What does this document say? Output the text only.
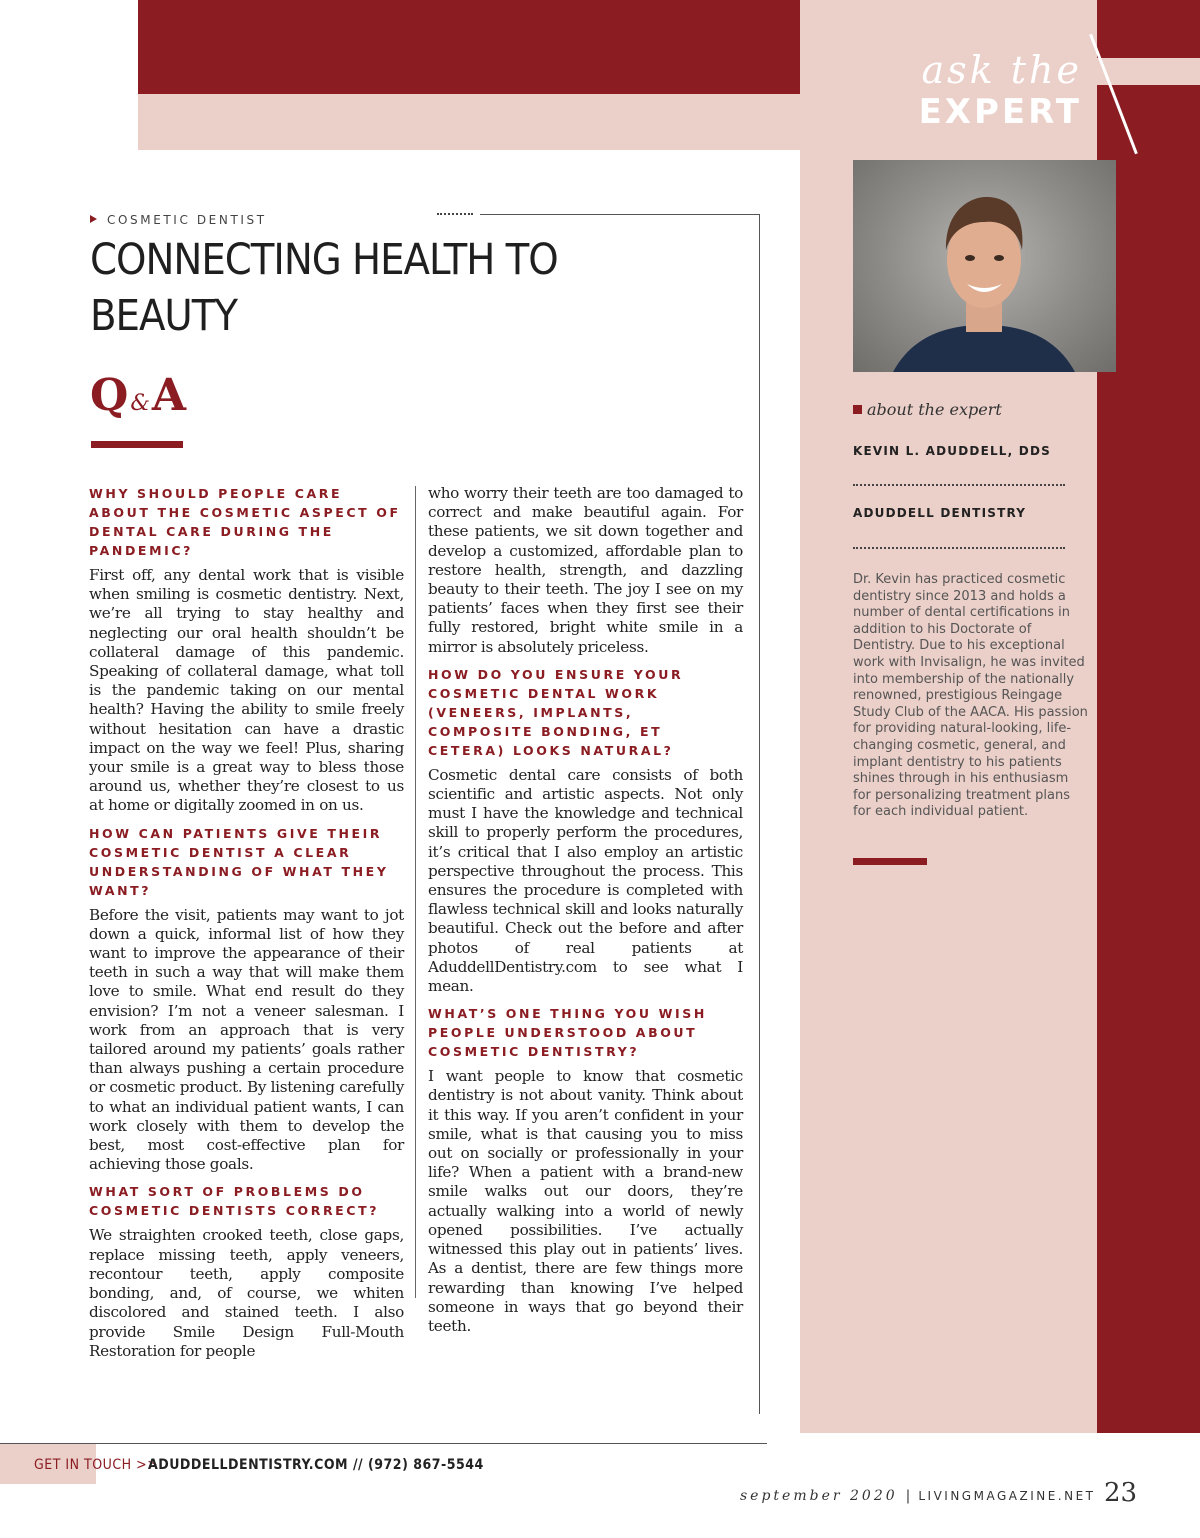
ask the
EXPERT
COSMETIC DENTIST
CONNECTING HEALTH TO BEAUTY
Q&A
WHY SHOULD PEOPLE CARE ABOUT THE COSMETIC ASPECT OF DENTAL CARE DURING THE PANDEMIC?
First off, any dental work that is visible when smiling is cosmetic dentistry. Next, we’re all trying to stay healthy and neglecting our oral health shouldn’t be collateral damage of this pandemic. Speaking of collateral damage, what toll is the pandemic taking on our mental health? Having the ability to smile freely without hesitation can have a drastic impact on the way we feel! Plus, sharing your smile is a great way to bless those around us, whether they’re closest to us at home or digitally zoomed in on us.
HOW CAN PATIENTS GIVE THEIR COSMETIC DENTIST A CLEAR UNDERSTANDING OF WHAT THEY WANT?
Before the visit, patients may want to jot down a quick, informal list of how they want to improve the appearance of their teeth in such a way that will make them love to smile. What end result do they envision? I’m not a veneer salesman. I work from an approach that is very tailored around my patients’ goals rather than always pushing a certain procedure or cosmetic product. By listening carefully to what an individual patient wants, I can work closely with them to develop the best, most cost-effective plan for achieving those goals.
WHAT SORT OF PROBLEMS DO COSMETIC DENTISTS CORRECT?
We straighten crooked teeth, close gaps, replace missing teeth, apply veneers, recontour teeth, apply composite bonding, and, of course, we whiten discolored and stained teeth. I also provide Smile Design Full-Mouth Restoration for people
who worry their teeth are too damaged to correct and make beautiful again. For these patients, we sit down together and develop a customized, affordable plan to restore health, strength, and dazzling beauty to their teeth. The joy I see on my patients’ faces when they first see their fully restored, bright white smile in a mirror is absolutely priceless.
HOW DO YOU ENSURE YOUR COSMETIC DENTAL WORK (VENEERS, IMPLANTS, COMPOSITE BONDING, ET CETERA) LOOKS NATURAL?
Cosmetic dental care consists of both scientific and artistic aspects. Not only must I have the knowledge and technical skill to properly perform the procedures, it’s critical that I also employ an artistic perspective throughout the process. This ensures the procedure is completed with flawless technical skill and looks naturally beautiful. Check out the before and after photos of real patients at AduddellDentistry.com to see what I mean.
WHAT’S ONE THING YOU WISH PEOPLE UNDERSTOOD ABOUT COSMETIC DENTISTRY?
I want people to know that cosmetic dentistry is not about vanity. Think about it this way. If you aren’t confident in your smile, what is that causing you to miss out on socially or professionally in your life? When a patient with a brand-new smile walks out our doors, they’re actually walking into a world of newly opened possibilities. I’ve actually witnessed this play out in patients’ lives. As a dentist, there are few things more rewarding than knowing I’ve helped someone in ways that go beyond their teeth.
about the expert
KEVIN L. ADUDDELL, DDS
ADUDDELL DENTISTRY
Dr. Kevin has practiced cosmetic dentistry since 2013 and holds a number of dental certifications in addition to his Doctorate of Dentistry. Due to his exceptional work with Invisalign, he was invited into membership of the nationally renowned, prestigious Reingage Study Club of the AACA. His passion for providing natural-looking, life-changing cosmetic, general, and implant dentistry to his patients shines through in his enthusiasm for personalizing treatment plans for each individual patient.
GET IN TOUCH >>
ADUDDELLDENTISTRY.COM // (972) 867-5544
september 2020 | LIVINGMAGAZINE.NET 23
